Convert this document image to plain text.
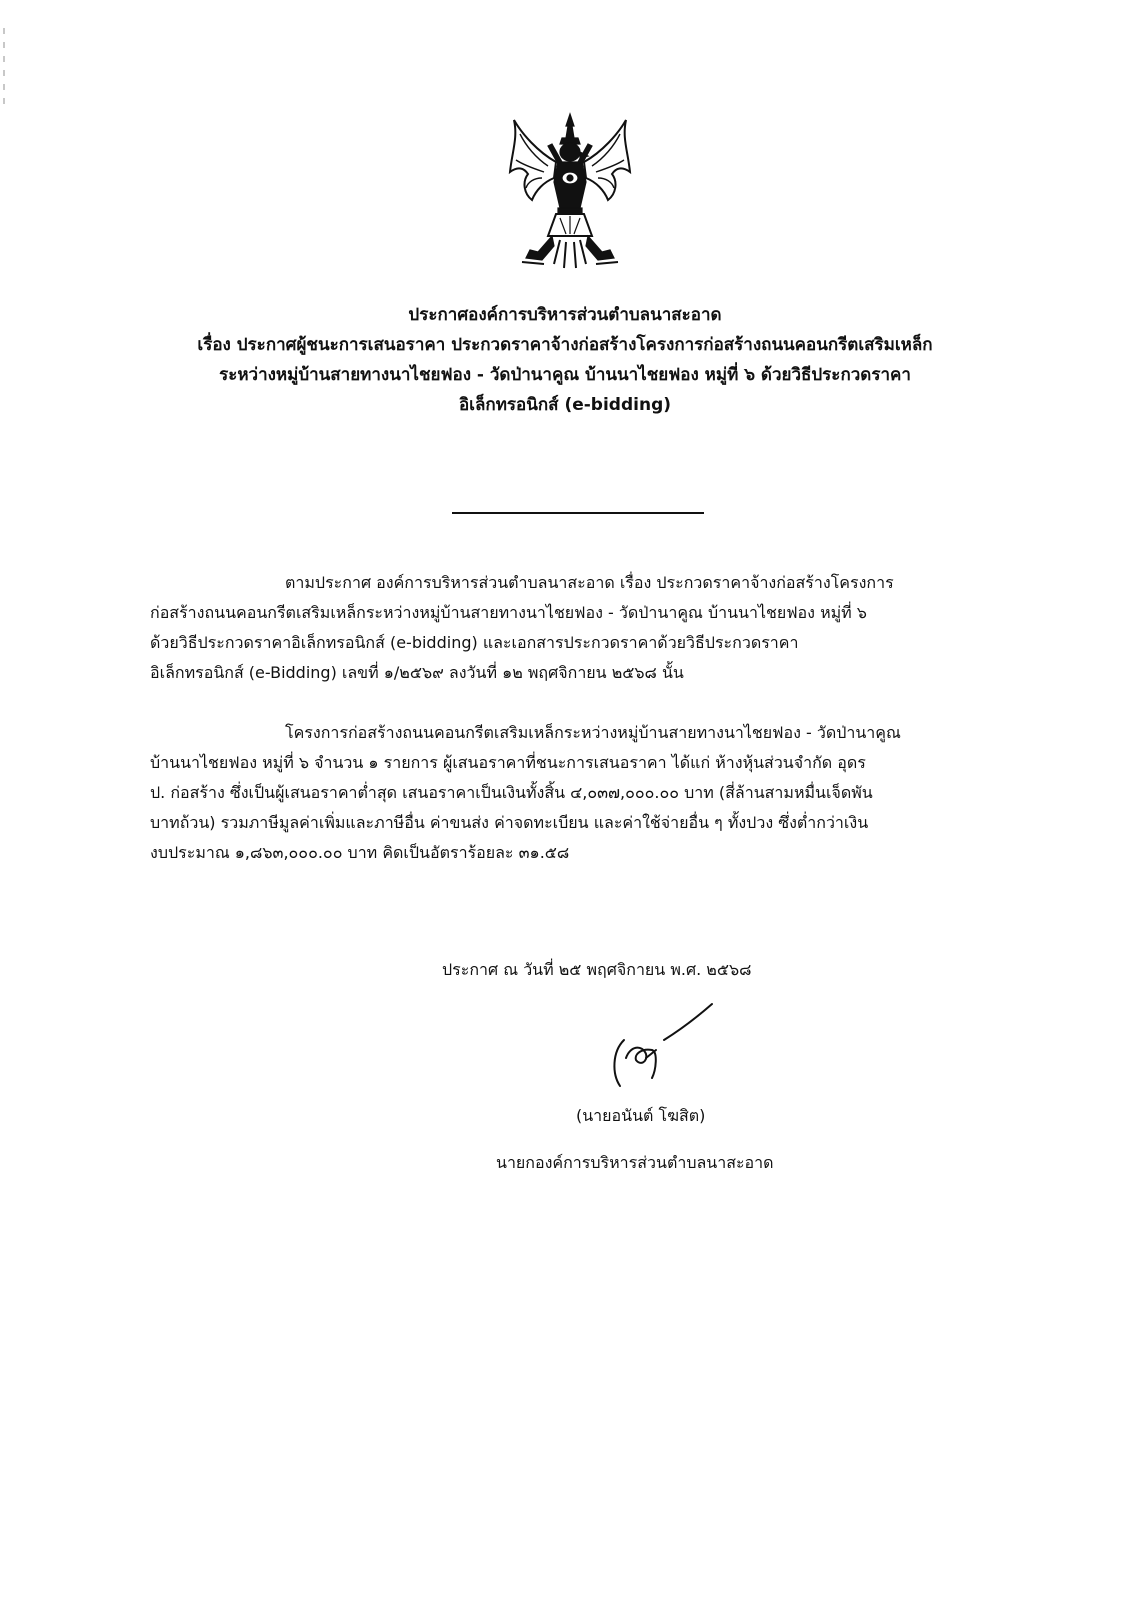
ประกาศองค์การบริหารส่วนตำบลนาสะอาด
เรื่อง ประกาศผู้ชนะการเสนอราคา ประกวดราคาจ้างก่อสร้างโครงการก่อสร้างถนนคอนกรีตเสริมเหล็ก
ระหว่างหมู่บ้านสายทางนาไชยฟอง - วัดป่านาคูณ บ้านนาไชยฟอง หมู่ที่ ๖ ด้วยวิธีประกวดราคา
อิเล็กทรอนิกส์ (e-bidding)
ตามประกาศ องค์การบริหารส่วนตำบลนาสะอาด เรื่อง ประกวดราคาจ้างก่อสร้างโครงการ
ก่อสร้างถนนคอนกรีตเสริมเหล็กระหว่างหมู่บ้านสายทางนาไชยฟอง - วัดป่านาคูณ บ้านนาไชยฟอง หมู่ที่ ๖
ด้วยวิธีประกวดราคาอิเล็กทรอนิกส์ (e-bidding) และเอกสารประกวดราคาด้วยวิธีประกวดราคา
อิเล็กทรอนิกส์ (e-Bidding) เลขที่ ๑/๒๕๖๙ ลงวันที่ ๑๒ พฤศจิกายน ๒๕๖๘ นั้น
โครงการก่อสร้างถนนคอนกรีตเสริมเหล็กระหว่างหมู่บ้านสายทางนาไชยฟอง - วัดป่านาคูณ
บ้านนาไชยฟอง หมู่ที่ ๖ จำนวน ๑ รายการ ผู้เสนอราคาที่ชนะการเสนอราคา ได้แก่ ห้างหุ้นส่วนจำกัด อุดร
ป. ก่อสร้าง ซึ่งเป็นผู้เสนอราคาต่ำสุด เสนอราคาเป็นเงินทั้งสิ้น ๔,๐๓๗,๐๐๐.๐๐ บาท (สี่ล้านสามหมื่นเจ็ดพัน
บาทถ้วน) รวมภาษีมูลค่าเพิ่มและภาษีอื่น ค่าขนส่ง ค่าจดทะเบียน และค่าใช้จ่ายอื่น ๆ ทั้งปวง ซึ่งต่ำกว่าเงิน
งบประมาณ ๑,๘๖๓,๐๐๐.๐๐ บาท คิดเป็นอัตราร้อยละ ๓๑.๕๘
ประกาศ ณ วันที่ ๒๕ พฤศจิกายน พ.ศ. ๒๕๖๘
(นายอนันต์ โฆสิต)
นายกองค์การบริหารส่วนตำบลนาสะอาด
